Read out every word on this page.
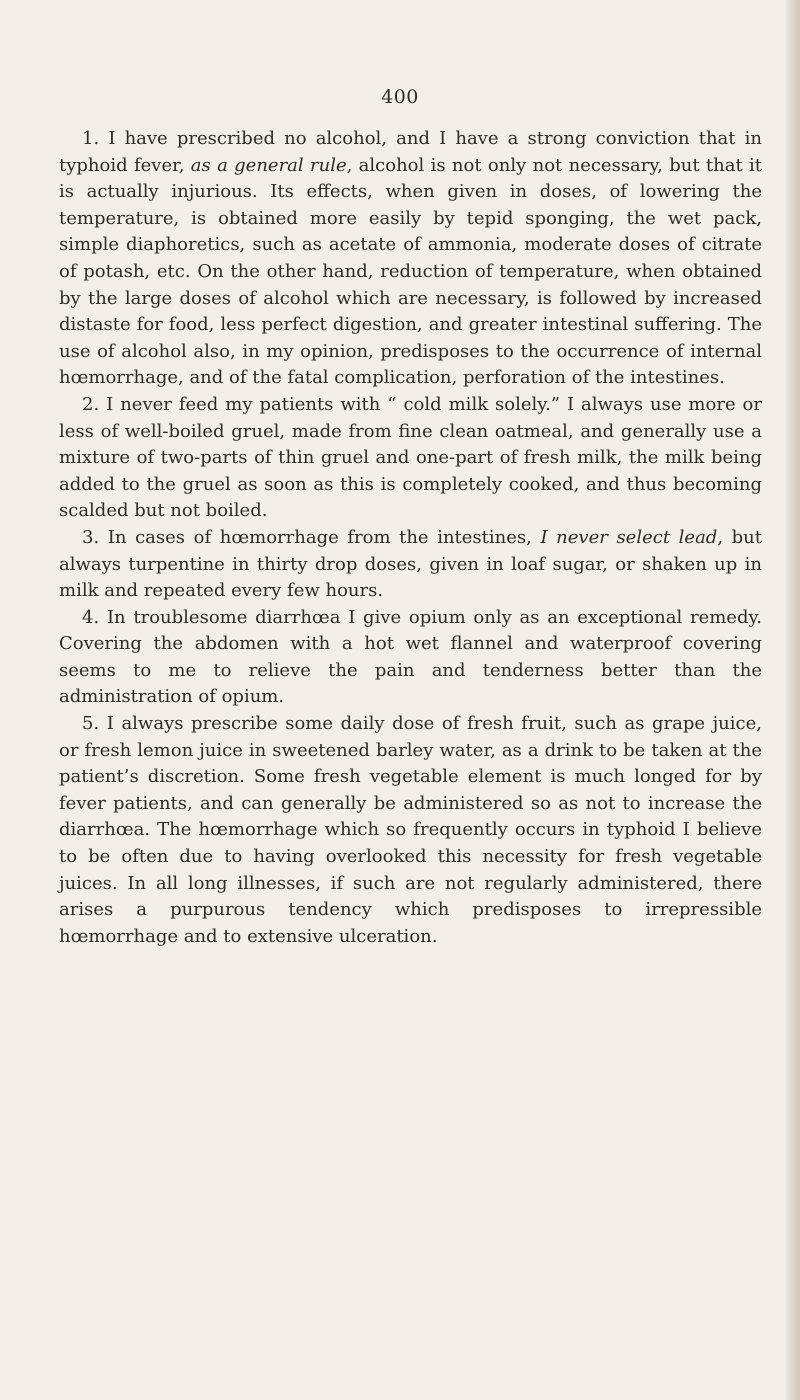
400

1. I have prescribed no alcohol, and I have a strong conviction that in typhoid fever, as a general rule, alcohol is not only not necessary, but that it is actually injurious. Its effects, when given in doses, of lowering the temperature, is obtained more easily by tepid sponging, the wet pack, simple diaphoretics, such as acetate of ammonia, moderate doses of citrate of potash, etc. On the other hand, reduction of temperature, when obtained by the large doses of alcohol which are necessary, is followed by increased distaste for food, less perfect digestion, and greater intestinal suffering. The use of alcohol also, in my opinion, predisposes to the occurrence of internal hœmorrhage, and of the fatal complication, perforation of the intestines.

2. I never feed my patients with “ cold milk solely.” I always use more or less of well-boiled gruel, made from fine clean oatmeal, and generally use a mixture of two-parts of thin gruel and one-part of fresh milk, the milk being added to the gruel as soon as this is completely cooked, and thus becoming scalded but not boiled.

3. In cases of hœmorrhage from the intestines, I never select lead, but always turpentine in thirty drop doses, given in loaf sugar, or shaken up in milk and repeated every few hours.

4. In troublesome diarrhœa I give opium only as an exceptional remedy. Covering the abdomen with a hot wet flannel and waterproof covering seems to me to relieve the pain and tenderness better than the administration of opium.

5. I always prescribe some daily dose of fresh fruit, such as grape juice, or fresh lemon juice in sweetened barley water, as a drink to be taken at the patient’s discretion. Some fresh vegetable element is much longed for by fever patients, and can generally be administered so as not to increase the diarrhœa. The hœmorrhage which so frequently occurs in typhoid I believe to be often due to having overlooked this necessity for fresh vegetable juices. In all long illnesses, if such are not regularly administered, there arises a purpurous tendency which predisposes to irrepressible hœmorrhage and to extensive ulceration.
